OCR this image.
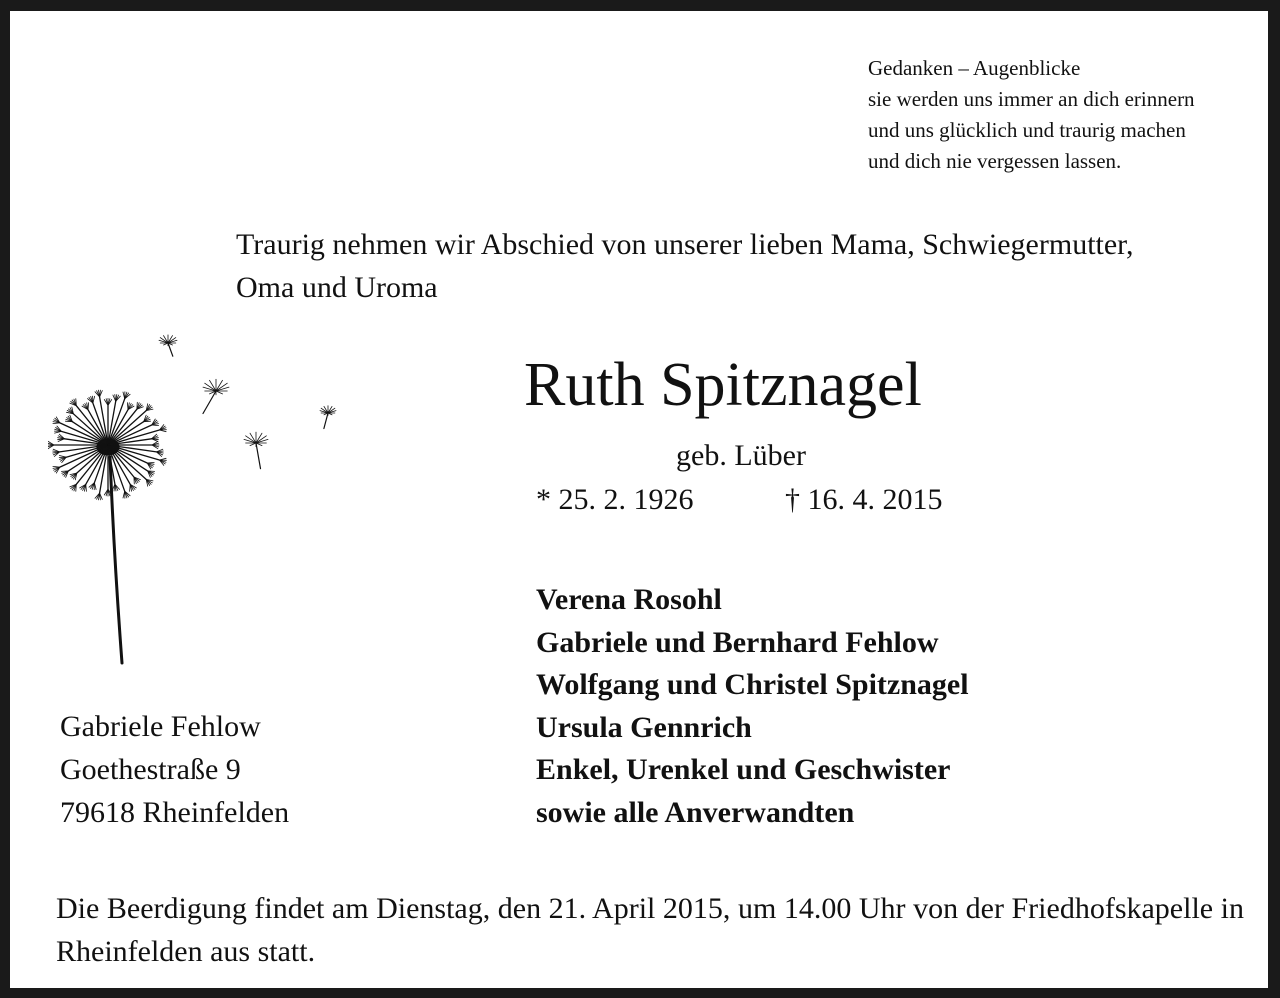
Gedanken – Augenblicke
sie werden uns immer an dich erinnern
und uns glücklich und traurig machen
und dich nie vergessen lassen.
Traurig nehmen wir Abschied von unserer lieben Mama, Schwiegermutter,
Oma und Uroma
Ruth Spitznagel
geb. Lüber
* 25. 2. 1926	† 16. 4. 2015
Verena Rosohl
Gabriele und Bernhard Fehlow
Wolfgang und Christel Spitznagel
Ursula Gennrich
Enkel, Urenkel und Geschwister
sowie alle Anverwandten
Gabriele Fehlow
Goethestraße 9
79618 Rheinfelden
Die Beerdigung findet am Dienstag, den 21. April 2015, um 14.00 Uhr von der Friedhofskapelle in Rheinfelden aus statt.
